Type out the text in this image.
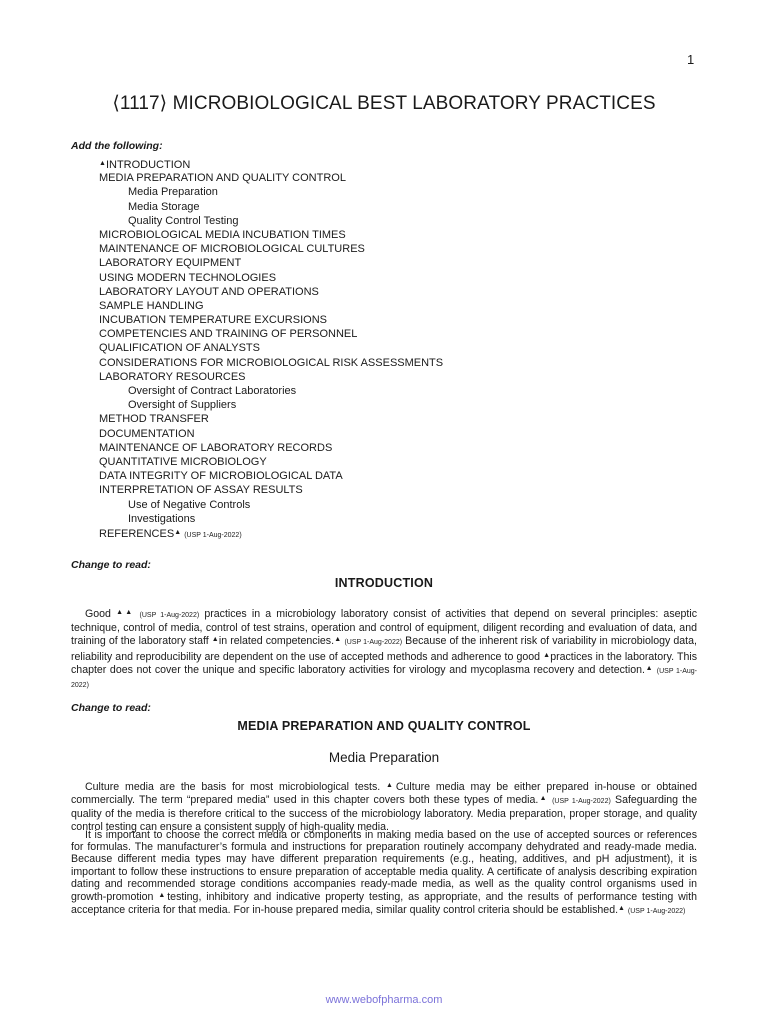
1
⟨1117⟩ MICROBIOLOGICAL BEST LABORATORY PRACTICES
Add the following:
▲INTRODUCTION
MEDIA PREPARATION AND QUALITY CONTROL
Media Preparation
Media Storage
Quality Control Testing
MICROBIOLOGICAL MEDIA INCUBATION TIMES
MAINTENANCE OF MICROBIOLOGICAL CULTURES
LABORATORY EQUIPMENT
USING MODERN TECHNOLOGIES
LABORATORY LAYOUT AND OPERATIONS
SAMPLE HANDLING
INCUBATION TEMPERATURE EXCURSIONS
COMPETENCIES AND TRAINING OF PERSONNEL
QUALIFICATION OF ANALYSTS
CONSIDERATIONS FOR MICROBIOLOGICAL RISK ASSESSMENTS
LABORATORY RESOURCES
Oversight of Contract Laboratories
Oversight of Suppliers
METHOD TRANSFER
DOCUMENTATION
MAINTENANCE OF LABORATORY RECORDS
QUANTITATIVE MICROBIOLOGY
DATA INTEGRITY OF MICROBIOLOGICAL DATA
INTERPRETATION OF ASSAY RESULTS
Use of Negative Controls
Investigations
REFERENCES▲ (USP 1-Aug-2022)
Change to read:
INTRODUCTION

Good ▲▲ (USP 1-Aug-2022) practices in a microbiology laboratory consist of activities that depend on several principles: aseptic technique, control of media, control of test strains, operation and control of equipment, diligent recording and evaluation of data, and training of the laboratory staff ▲in related competencies.▲ (USP 1-Aug-2022) Because of the inherent risk of variability in microbiology data, reliability and reproducibility are dependent on the use of accepted methods and adherence to good ▲practices in the laboratory. This chapter does not cover the unique and specific laboratory activities for virology and mycoplasma recovery and detection.▲ (USP 1-Aug-2022)

Change to read:
MEDIA PREPARATION AND QUALITY CONTROL
Media Preparation

Culture media are the basis for most microbiological tests. ▲Culture media may be either prepared in-house or obtained commercially. The term “prepared media” used in this chapter covers both these types of media.▲ (USP 1-Aug-2022) Safeguarding the quality of the media is therefore critical to the success of the microbiology laboratory. Media preparation, proper storage, and quality control testing can ensure a consistent supply of high-quality media.

It is important to choose the correct media or components in making media based on the use of accepted sources or references for formulas. The manufacturer’s formula and instructions for preparation routinely accompany dehydrated and ready-made media. Because different media types may have different preparation requirements (e.g., heating, additives, and pH adjustment), it is important to follow these instructions to ensure preparation of acceptable media quality. A certificate of analysis describing expiration dating and recommended storage conditions accompanies ready-made media, as well as the quality control organisms used in growth-promotion ▲testing, inhibitory and indicative property testing, as appropriate, and the results of performance testing with acceptance criteria for that media. For in-house prepared media, similar quality control criteria should be established.▲ (USP 1-Aug-2022)

www.webofpharma.com
